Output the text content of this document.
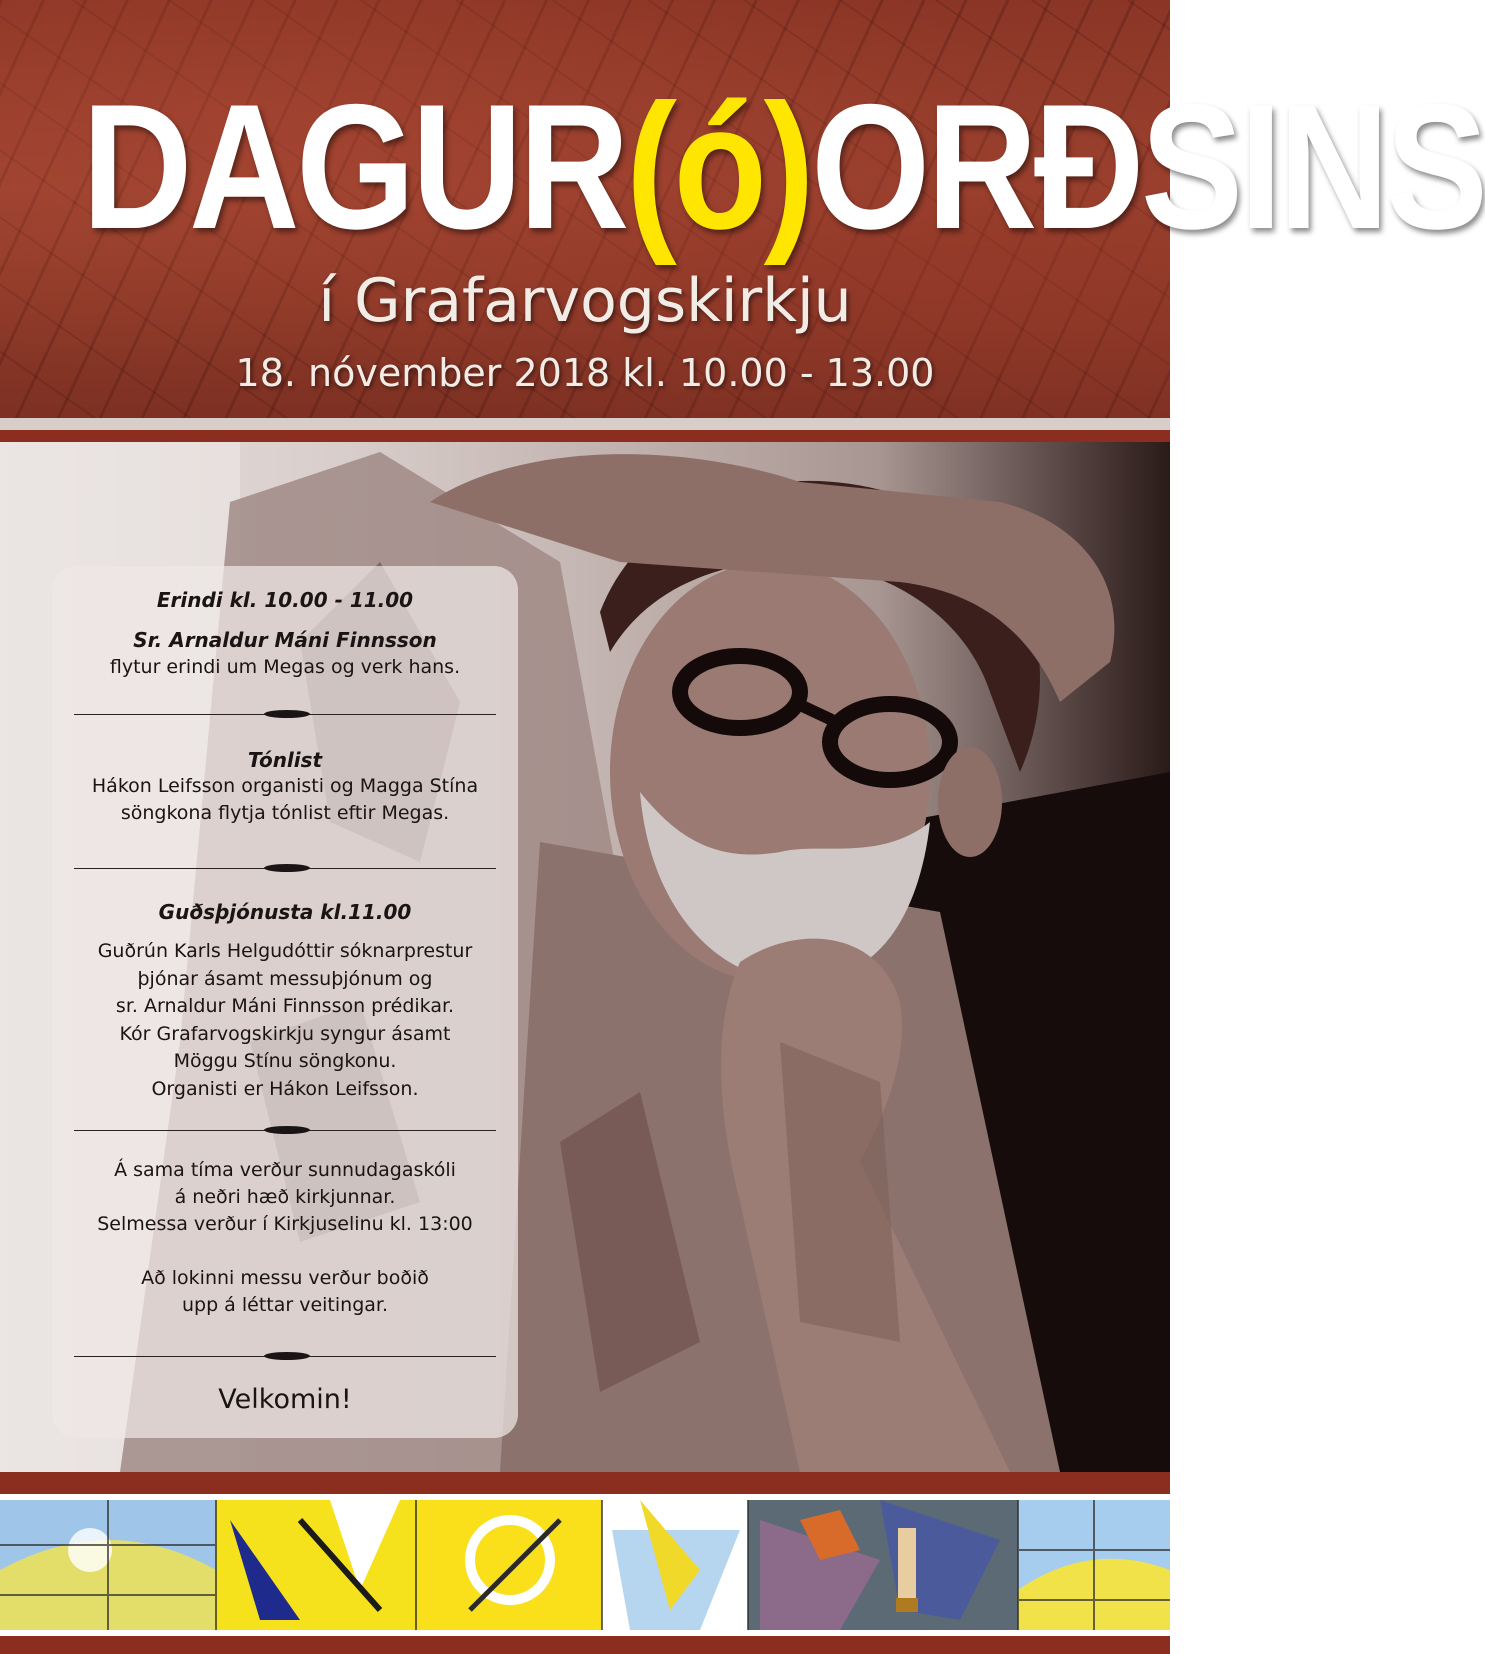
DAGUR(ó)ORÐSINS
í Grafarvogskirkju
18. nóvember 2018 kl. 10.00 - 13.00
Erindi kl. 10.00 - 11.00
Sr. Arnaldur Máni Finnsson
flytur erindi um Megas og verk hans.
Tónlist
Hákon Leifsson organisti og Magga Stína
söngkona flytja tónlist eftir Megas.
Guðsþjónusta kl.11.00
Guðrún Karls Helgudóttir sóknarprestur
þjónar ásamt messuþjónum og
sr. Arnaldur Máni Finnsson prédikar.
Kór Grafarvogskirkju syngur ásamt
Möggu Stínu söngkonu.
Organisti er Hákon Leifsson.
Á sama tíma verður sunnudagaskóli
á neðri hæð kirkjunnar.
Selmessa verður í Kirkjuselinu kl. 13:00
Að lokinni messu verður boðið
upp á léttar veitingar.
Velkomin!
